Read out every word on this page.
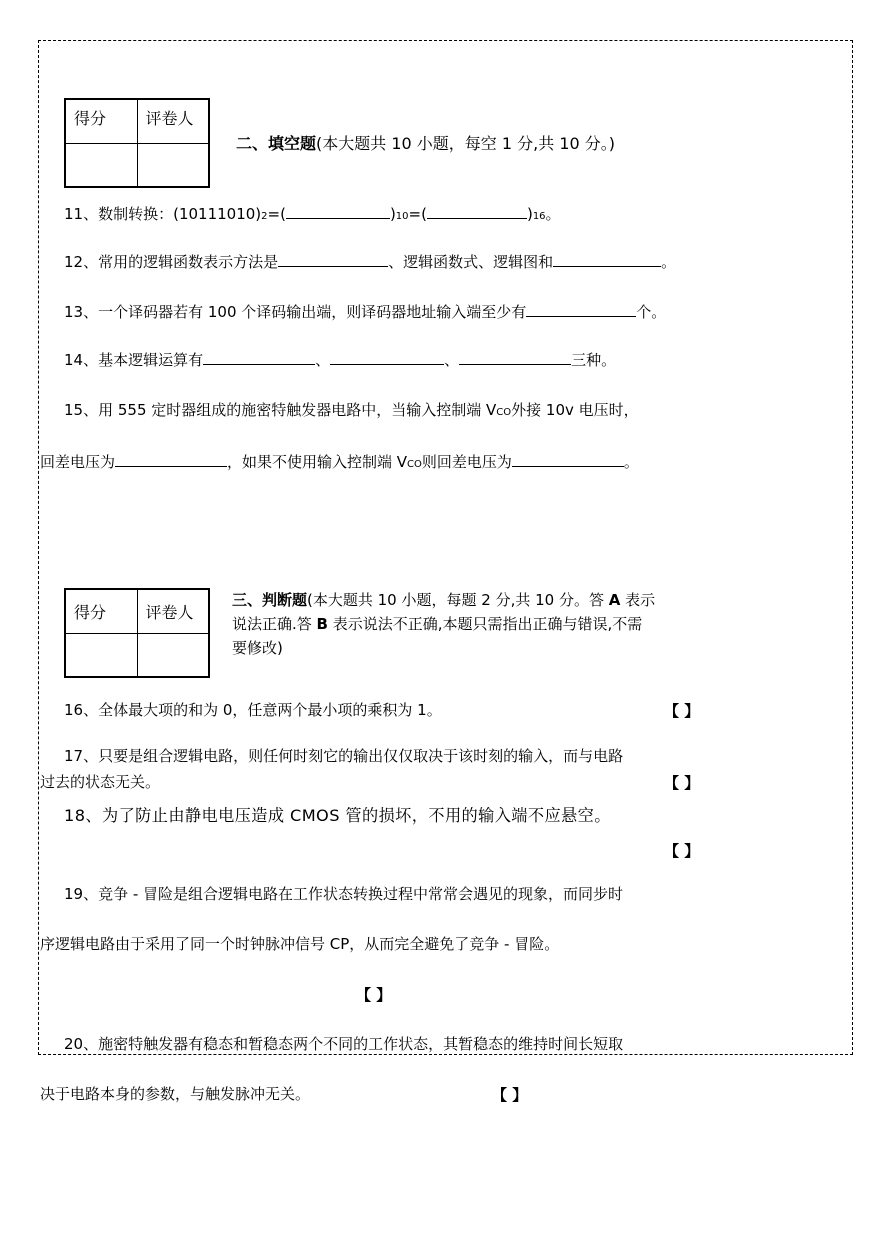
得分	评卷人

二、填空题(本大题共 10 小题，每空 1 分,共 10 分。)
11、数制转换：(10111010)2=(	)10=(	)16。
12、常用的逻辑函数表示方法是	、逻辑函数式、逻辑图和	。
13、一个译码器若有 100 个译码输出端，则译码器地址输入端至少有	个。
14、基本逻辑运算有	、	、	三种。
15、用 555 定时器组成的施密特触发器电路中，当输入控制端 VCO外接 10v 电压时，
回差电压为	，如果不使用输入控制端 VCO则回差电压为	。
得分	评卷人

三、判断题(本大题共 10 小题，每题 2 分,共 10 分。答 A 表示
说法正确.答 B 表示说法不正确,本题只需指出正确与错误,不需
要修改)
16、全体最大项的和为 0，任意两个最小项的乘积为 1。	【 】
17、只要是组合逻辑电路，则任何时刻它的输出仅仅取决于该时刻的输入，而与电路
过去的状态无关。	【 】
18、为了防止由静电电压造成 CMOS 管的损坏，不用的输入端不应悬空。
【 】
19、竞争 - 冒险是组合逻辑电路在工作状态转换过程中常常会遇见的现象，而同步时
序逻辑电路由于采用了同一个时钟脉冲信号 CP，从而完全避免了竞争 - 冒险。
【 】
20、施密特触发器有稳态和暂稳态两个不同的工作状态，其暂稳态的维持时间长短取
决于电路本身的参数，与触发脉冲无关。	【 】
